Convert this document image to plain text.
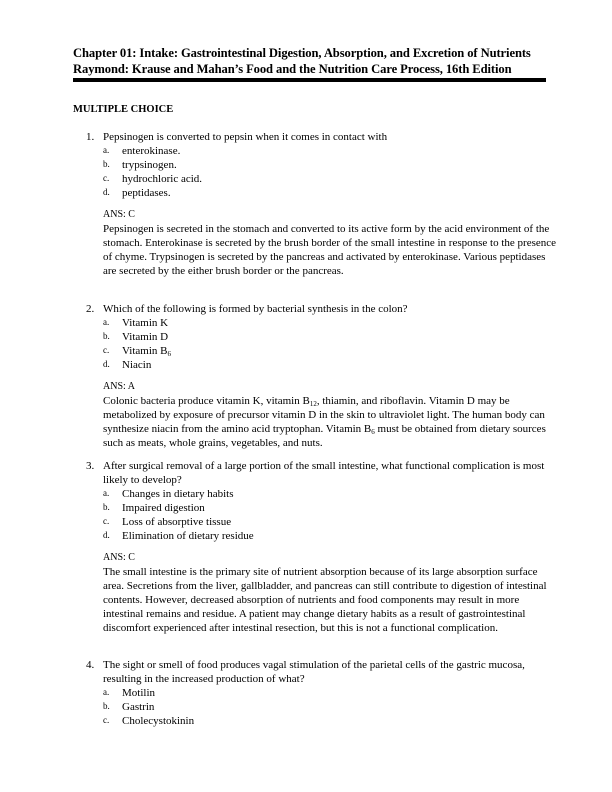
Chapter 01: Intake: Gastrointestinal Digestion, Absorption, and Excretion of Nutrients
Raymond: Krause and Mahan’s Food and the Nutrition Care Process, 16th Edition
MULTIPLE CHOICE
1. Pepsinogen is converted to pepsin when it comes in contact with
a. enterokinase.
b. trypsinogen.
c. hydrochloric acid.
d. peptidases.
ANS: C
Pepsinogen is secreted in the stomach and converted to its active form by the acid environment of the stomach. Enterokinase is secreted by the brush border of the small intestine in response to the presence of chyme. Trypsinogen is secreted by the pancreas and activated by enterokinase. Various peptidases are secreted by the either brush border or the pancreas.
2. Which of the following is formed by bacterial synthesis in the colon?
a. Vitamin K
b. Vitamin D
c. Vitamin $B_6$
d. Niacin
ANS: A
Colonic bacteria produce vitamin K, vitamin $B_{12}$, thiamin, and riboflavin. Vitamin D may be metabolized by exposure of precursor vitamin D in the skin to ultraviolet light. The human body can synthesize niacin from the amino acid tryptophan. Vitamin $B_6$ must be obtained from dietary sources such as meats, whole grains, vegetables, and nuts.
3. After surgical removal of a large portion of the small intestine, what functional complication is most likely to develop?
a. Changes in dietary habits
b. Impaired digestion
c. Loss of absorptive tissue
d. Elimination of dietary residue
ANS: C
The small intestine is the primary site of nutrient absorption because of its large absorption surface area. Secretions from the liver, gallbladder, and pancreas can still contribute to digestion of intestinal contents. However, decreased absorption of nutrients and food components may result in more intestinal remains and residue. A patient may change dietary habits as a result of gastrointestinal discomfort experienced after intestinal resection, but this is not a functional complication.
4. The sight or smell of food produces vagal stimulation of the parietal cells of the gastric mucosa, resulting in the increased production of what?
a. Motilin
b. Gastrin
c. Cholecystokinin
